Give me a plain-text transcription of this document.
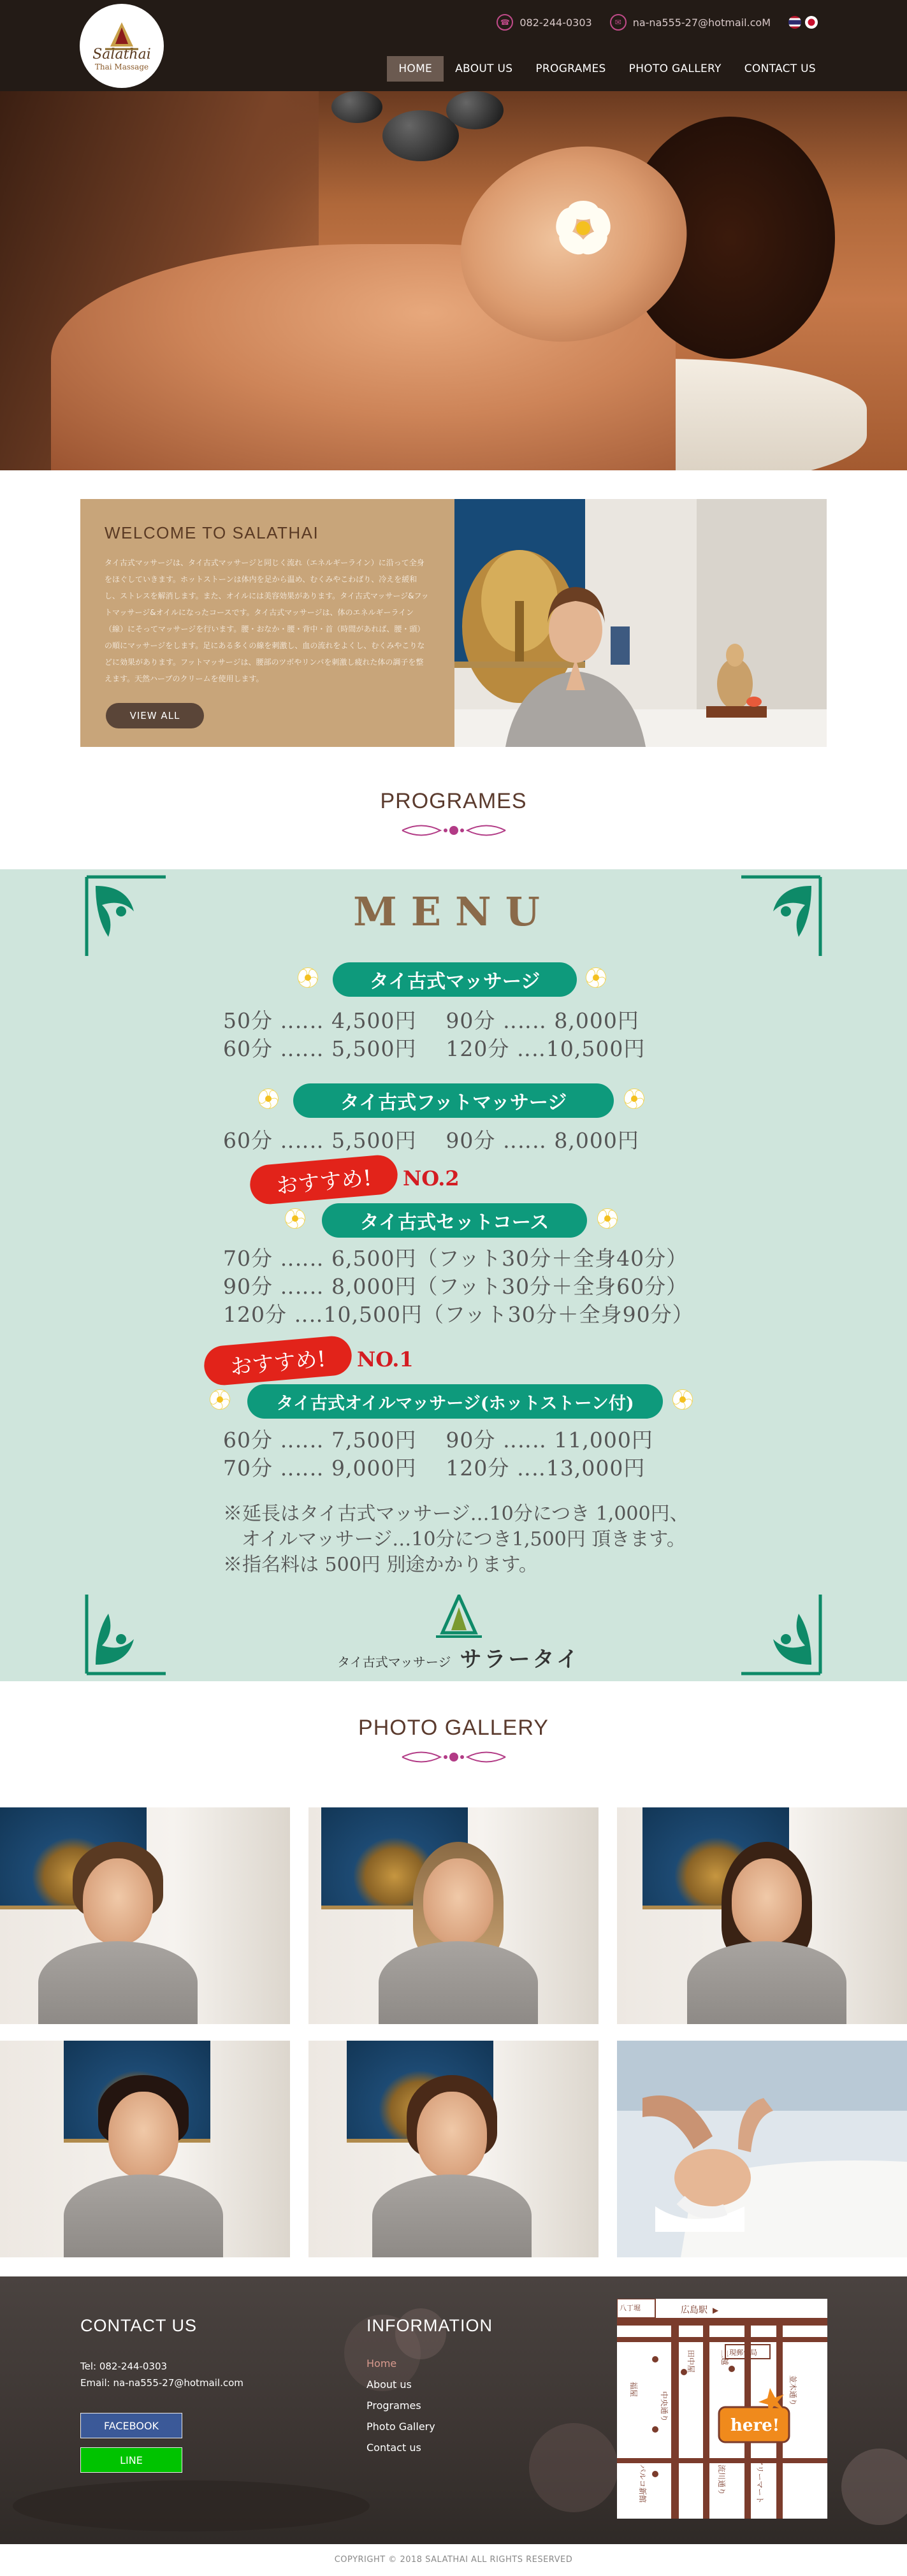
Salathai
Thai Massage
☎ 082-244-0303	✉	na-na555-27@hotmail.coM
HOME	ABOUT US	PROGRAMES	PHOTO GALLERY	CONTACT US
WELCOME TO SALATHAI
タイ古式マッサージは、タイ古式マッサージと同じく流れ（エネルギーライン）に沿って全身をほぐしていきます。ホットストーンは体内を足から温め、むくみやこわばり、冷えを緩和し、ストレスを解消します。また、オイルには美容効果があります。タイ古式マッサージ&フットマッサージ&オイルになったコースです。タイ古式マッサージは、体のエネルギーライン（線）にそってマッサージを行います。腰・おなか・腰・背中・首（時間があれば、腰・頭）の順にマッサージをします。足にある多くの線を刺激し、血の流れをよくし、むくみやこりなどに効果があります。フットマッサージは、腰部のツボやリンパを刺激し疲れた体の調子を整えます。天然ハーブのクリームを使用します。
VIEW ALL
PROGRAMES
MENU
タイ古式マッサージ
50分 ‥‥‥ 4,500円    90分 ‥‥‥ 8,000円
60分 ‥‥‥ 5,500円    120分 ‥‥10,500円
タイ古式フットマッサージ
60分 ‥‥‥ 5,500円    90分 ‥‥‥ 8,000円
おすすめ!	NO.2
タイ古式セットコース
70分 ‥‥‥ 6,500円（フット30分＋全身40分）
90分 ‥‥‥ 8,000円（フット30分＋全身60分）
120分 ‥‥10,500円（フット30分＋全身90分）
おすすめ!	NO.1
タイ古式オイルマッサージ(ホットストーン付)
60分 ‥‥‥ 7,500円    90分 ‥‥‥ 11,000円
70分 ‥‥‥ 9,000円    120分 ‥‥13,000円
※延長はタイ古式マッサージ…10分につき 1,000円、
オイルマッサージ…10分につき1,500円 頂きます。
※指名料は 500円 別途かかります。
タイ古式マッサージ サラータイ
PHOTO GALLERY
CONTACT US
Tel: 082-244-0303
Email: na-na555-27@hotmail.com
FACEBOOK
LINE
INFORMATION
Home
About us
Programes
Photo Gallery
Contact us
広島駅 ▶
八丁堀
現郵便局
here!
福屋
田中屋	三越
中央通り
並木通り
パルコ新館	流川通り	アリーマート
COPYRIGHT © 2018 SALATHAI ALL RIGHTS RESERVED
